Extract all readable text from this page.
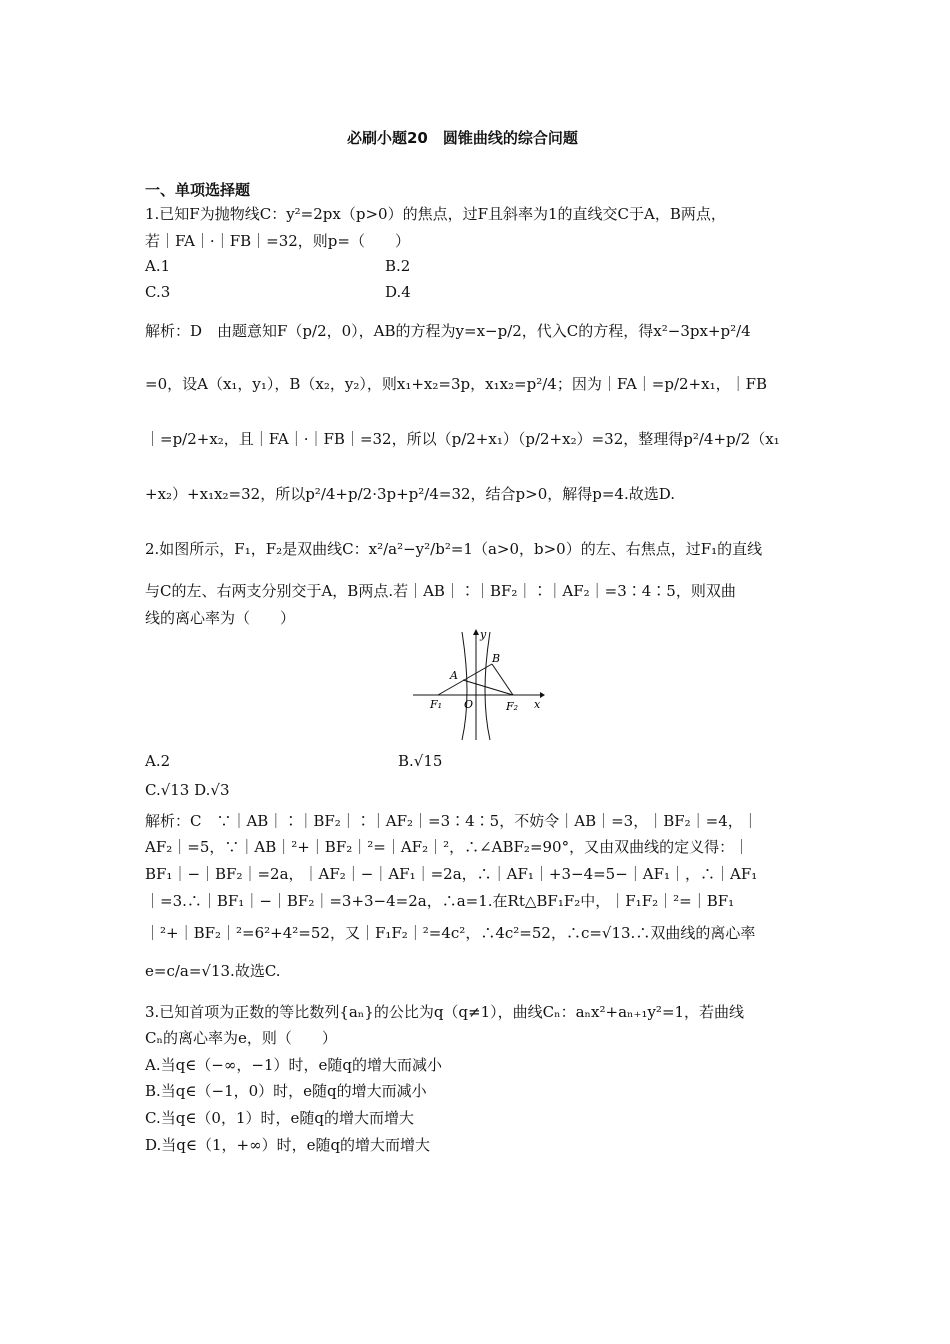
必刷小题20　圆锥曲线的综合问题
一、单项选择题
1.已知F为抛物线C：y²=2px（p>0）的焦点，过F且斜率为1的直线交C于A，B两点，
若｜FA｜·｜FB｜=32，则p=（　　）
A.1	B.2
C.3	D.4
解析：D　由题意知F（p/2，0），AB的方程为y=x−p/2，代入C的方程，得x²−3px+p²/4
=0，设A（x₁，y₁），B（x₂，y₂），则x₁+x₂=3p，x₁x₂=p²/4；因为｜FA｜=p/2+x₁，｜FB
｜=p/2+x₂，且｜FA｜·｜FB｜=32，所以（p/2+x₁）（p/2+x₂）=32，整理得p²/4+p/2（x₁
+x₂）+x₁x₂=32，所以p²/4+p/2·3p+p²/4=32，结合p>0，解得p=4.故选D.
2.如图所示，F₁，F₂是双曲线C：x²/a²−y²/b²=1（a>0，b>0）的左、右焦点，过F₁的直线
与C的左、右两支分别交于A，B两点.若｜AB｜∶｜BF₂｜∶｜AF₂｜=3∶4∶5，则双曲
线的离心率为（　　）
A.2	B.√15
C.√13 D.√3
解析：C　∵｜AB｜∶｜BF₂｜∶｜AF₂｜=3∶4∶5，不妨令｜AB｜=3，｜BF₂｜=4，｜
AF₂｜=5，∵｜AB｜²+｜BF₂｜²=｜AF₂｜²，∴∠ABF₂=90°，又由双曲线的定义得：｜
BF₁｜−｜BF₂｜=2a，｜AF₂｜−｜AF₁｜=2a，∴｜AF₁｜+3−4=5−｜AF₁｜，∴｜AF₁
｜=3.∴｜BF₁｜−｜BF₂｜=3+3−4=2a，∴a=1.在Rt△BF₁F₂中，｜F₁F₂｜²=｜BF₁
｜²+｜BF₂｜²=6²+4²=52，又｜F₁F₂｜²=4c²，∴4c²=52，∴c=√13.∴双曲线的离心率
e=c/a=√13.故选C.
3.已知首项为正数的等比数列{aₙ}的公比为q（q≠1），曲线Cₙ：aₙx²+aₙ₊₁y²=1，若曲线
Cₙ的离心率为e，则（　　）
A.当q∈（−∞，−1）时，e随q的增大而减小
B.当q∈（−1，0）时，e随q的增大而减小
C.当q∈（0，1）时，e随q的增大而增大
D.当q∈（1，+∞）时，e随q的增大而增大
y
x
A
B
O
F₁	F₂
